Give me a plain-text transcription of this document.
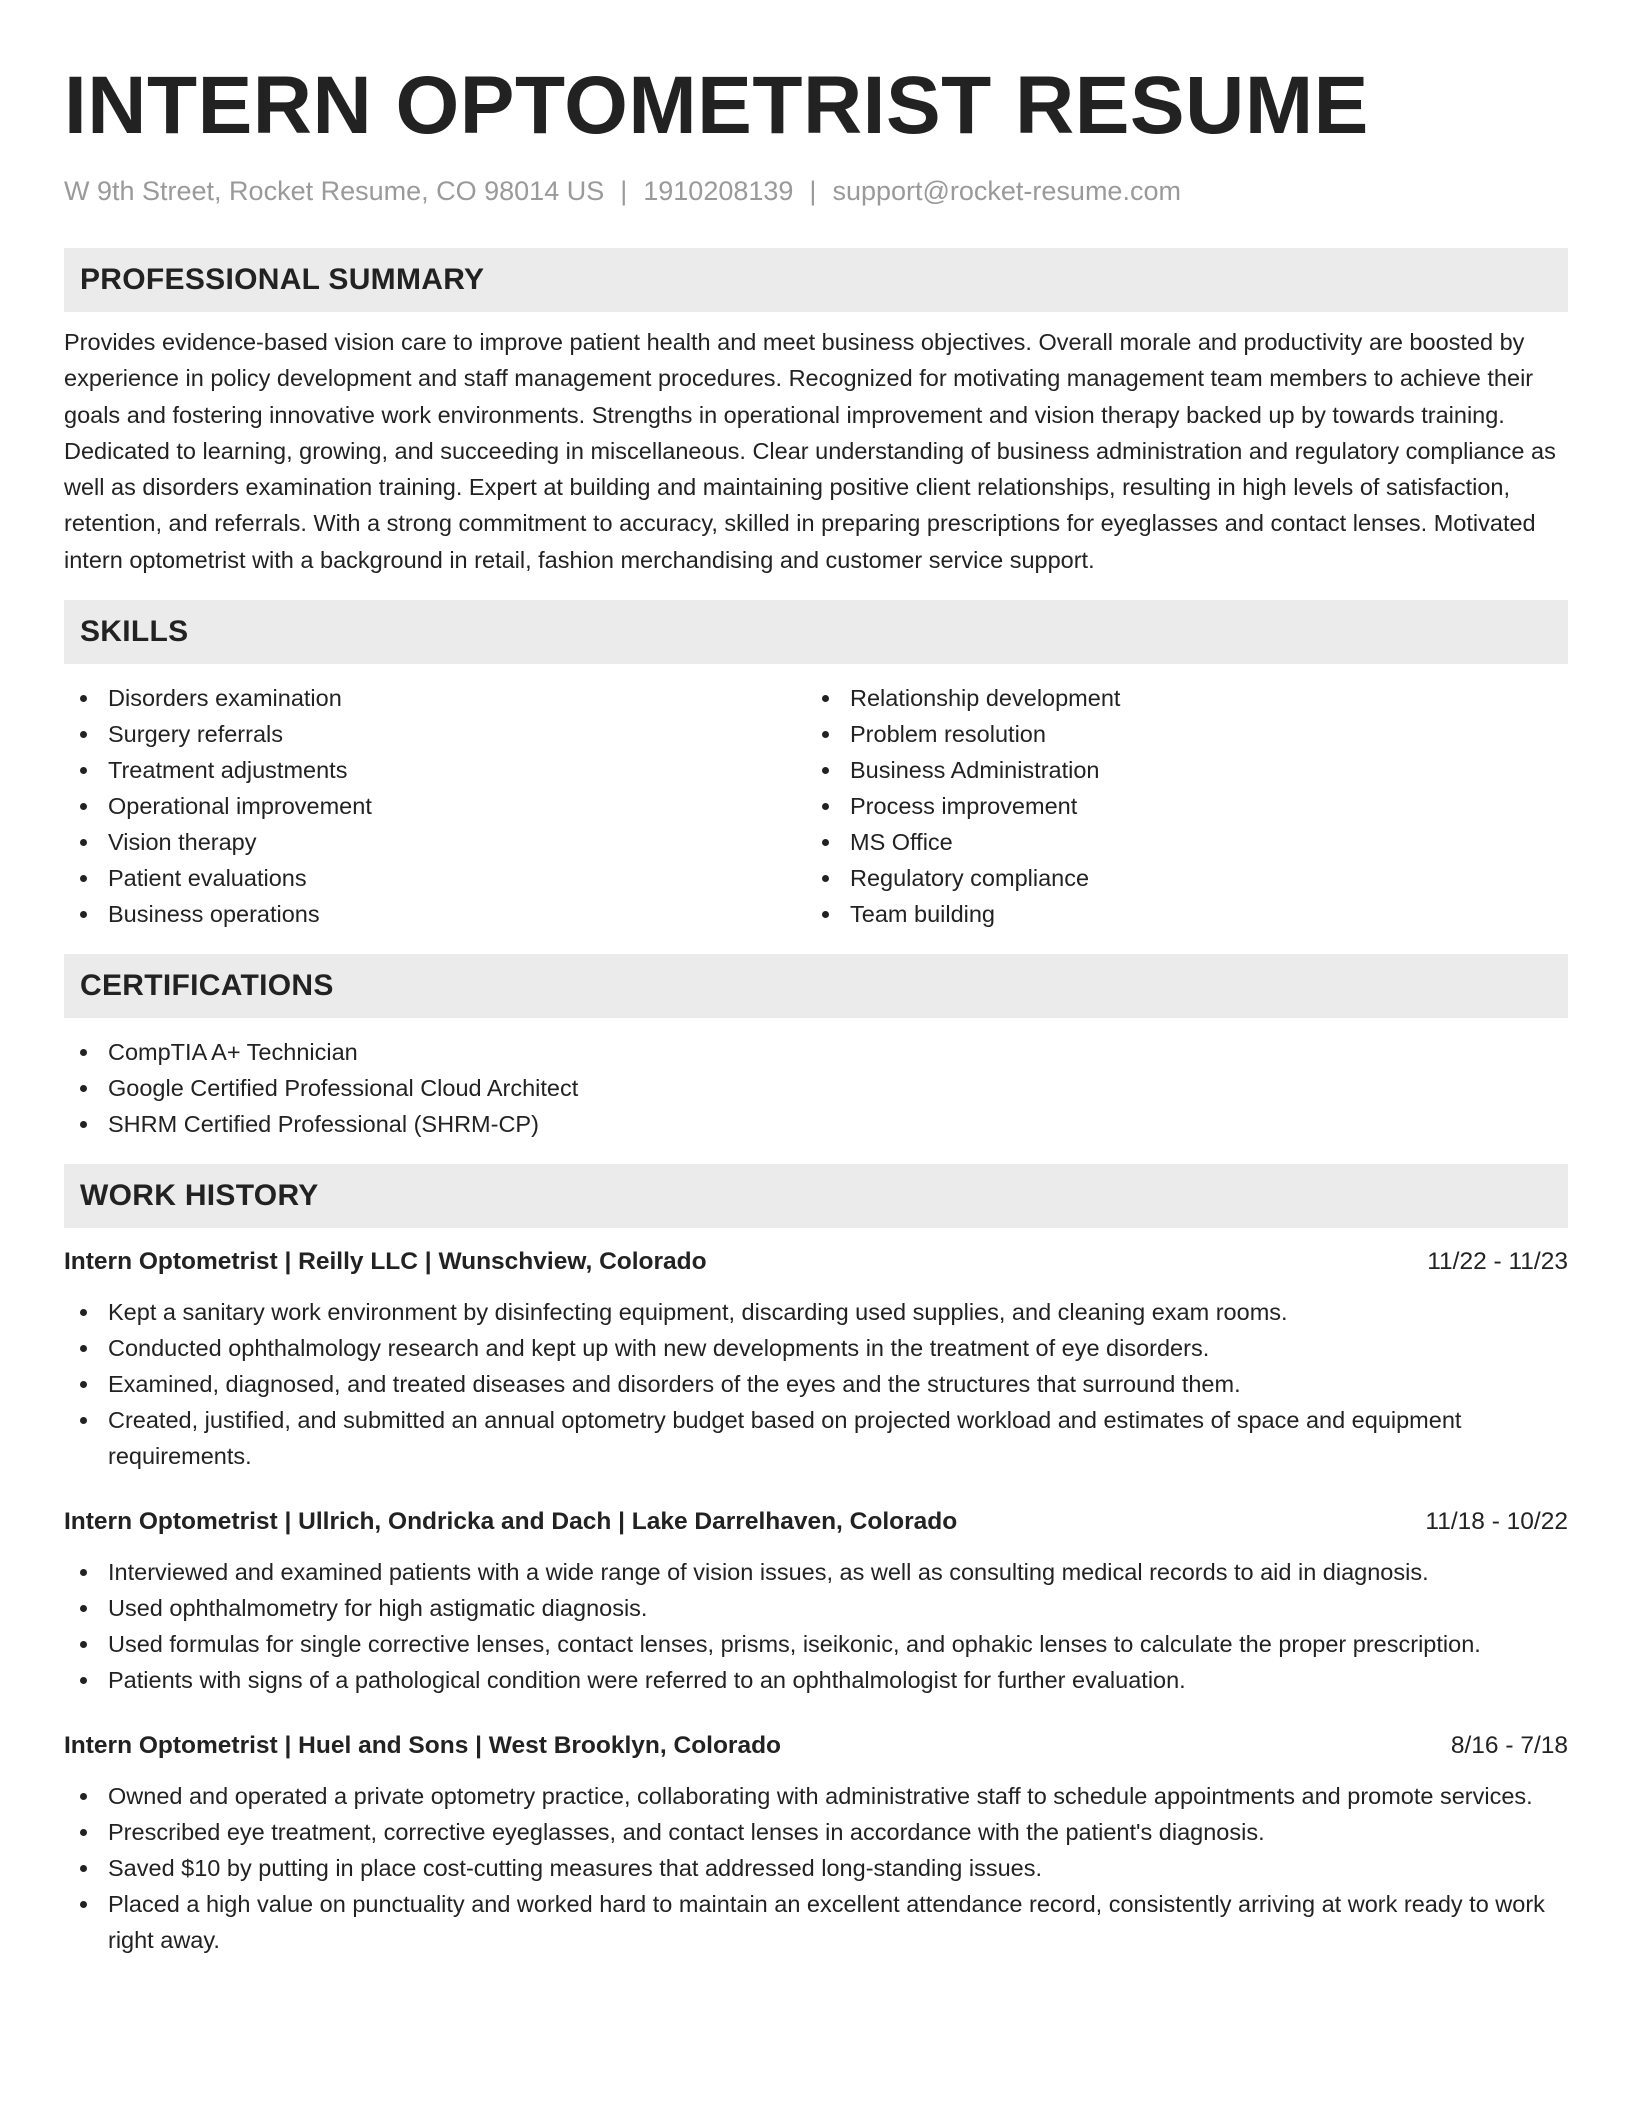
INTERN OPTOMETRIST RESUME
W 9th Street, Rocket Resume, CO 98014 US | 1910208139 | support@rocket-resume.com
PROFESSIONAL SUMMARY

Provides evidence-based vision care to improve patient health and meet business objectives. Overall morale and productivity are boosted by experience in policy development and staff management procedures. Recognized for motivating management team members to achieve their goals and fostering innovative work environments. Strengths in operational improvement and vision therapy backed up by towards training. Dedicated to learning, growing, and succeeding in miscellaneous. Clear understanding of business administration and regulatory compliance as well as disorders examination training. Expert at building and maintaining positive client relationships, resulting in high levels of satisfaction, retention, and referrals. With a strong commitment to accuracy, skilled in preparing prescriptions for eyeglasses and contact lenses. Motivated intern optometrist with a background in retail, fashion merchandising and customer service support.

SKILLS
Disorders examination
Surgery referrals
Treatment adjustments
Operational improvement
Vision therapy
Patient evaluations
Business operations
Relationship development
Problem resolution
Business Administration
Process improvement
MS Office
Regulatory compliance
Team building
CERTIFICATIONS
CompTIA A+ Technician
Google Certified Professional Cloud Architect
SHRM Certified Professional (SHRM-CP)
WORK HISTORY
Intern Optometrist | Reilly LLC | Wunschview, Colorado	11/22 - 11/23
Kept a sanitary work environment by disinfecting equipment, discarding used supplies, and cleaning exam rooms.
Conducted ophthalmology research and kept up with new developments in the treatment of eye disorders.
Examined, diagnosed, and treated diseases and disorders of the eyes and the structures that surround them.
Created, justified, and submitted an annual optometry budget based on projected workload and estimates of space and equipment requirements.
Intern Optometrist | Ullrich, Ondricka and Dach | Lake Darrelhaven, Colorado	11/18 - 10/22
Interviewed and examined patients with a wide range of vision issues, as well as consulting medical records to aid in diagnosis.
Used ophthalmometry for high astigmatic diagnosis.
Used formulas for single corrective lenses, contact lenses, prisms, iseikonic, and ophakic lenses to calculate the proper prescription.
Patients with signs of a pathological condition were referred to an ophthalmologist for further evaluation.
Intern Optometrist | Huel and Sons | West Brooklyn, Colorado	8/16 - 7/18
Owned and operated a private optometry practice, collaborating with administrative staff to schedule appointments and promote services.
Prescribed eye treatment, corrective eyeglasses, and contact lenses in accordance with the patient's diagnosis.
Saved $10 by putting in place cost-cutting measures that addressed long-standing issues.
Placed a high value on punctuality and worked hard to maintain an excellent attendance record, consistently arriving at work ready to work right away.
